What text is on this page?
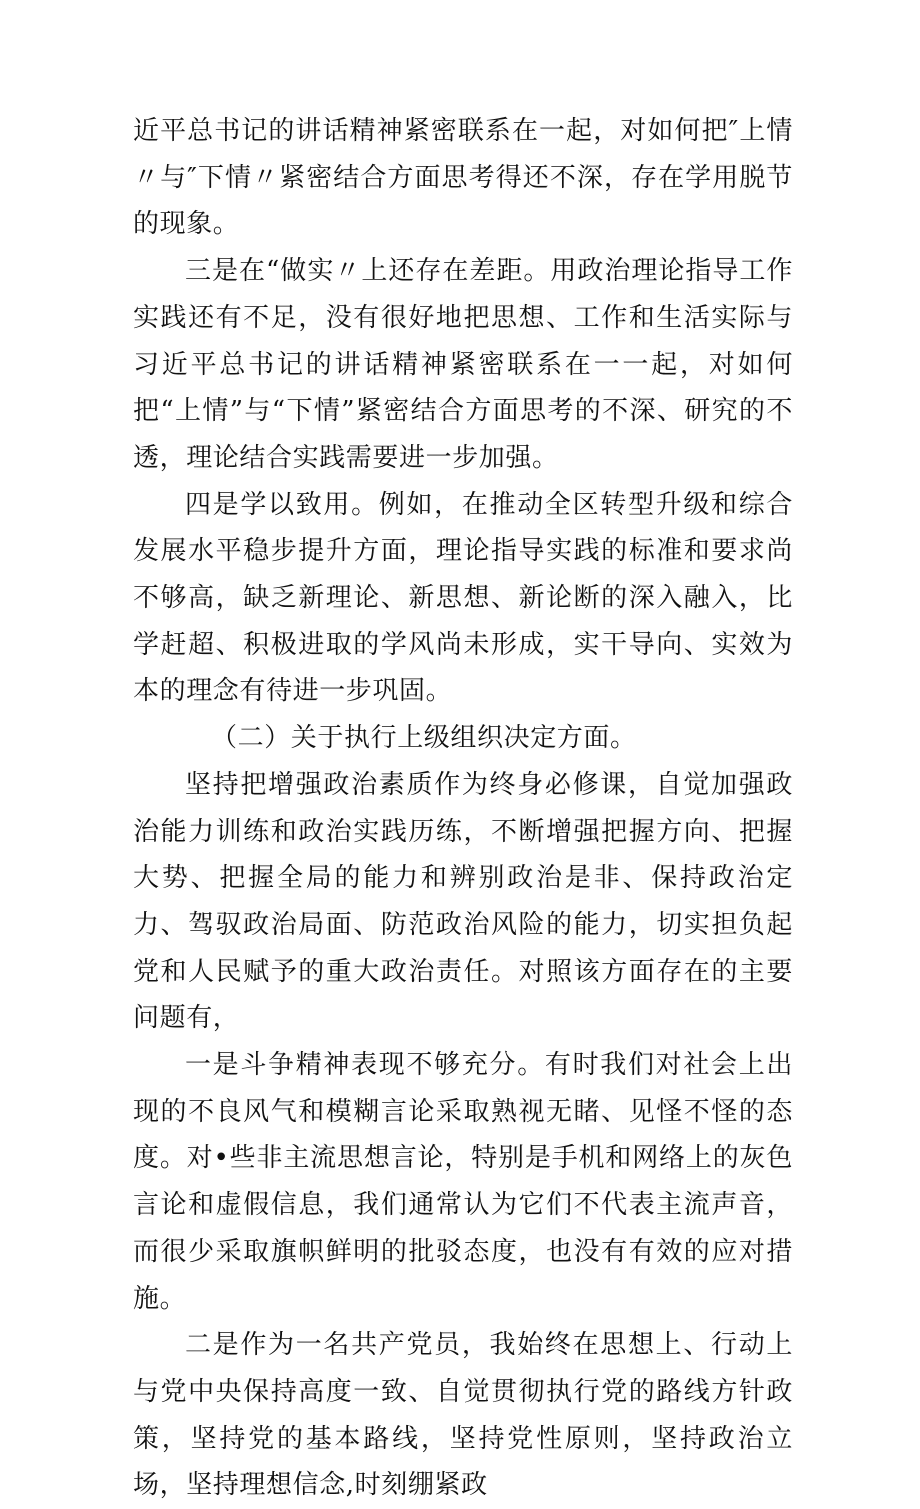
近平总书记的讲话精神紧密联系在一起，对如何把″上情〃与″下情〃紧密结合方面思考得还不深，存在学用脱节的现象。

三是在“做实〃上还存在差距。用政治理论指导工作实践还有不足，没有很好地把思想、工作和生活实际与习近平总书记的讲话精神紧密联系在一一起，对如何把“上情”与“下情”紧密结合方面思考的不深、研究的不透，理论结合实践需要进一步加强。

四是学以致用。例如，在推动全区转型升级和综合发展水平稳步提升方面，理论指导实践的标准和要求尚不够高，缺乏新理论、新思想、新论断的深入融入，比学赶超、积极进取的学风尚未形成，实干导向、实效为本的理念有待进一步巩固。

（二）关于执行上级组织决定方面。

坚持把增强政治素质作为终身必修课，自觉加强政治能力训练和政治实践历练，不断增强把握方向、把握大势、把握全局的能力和辨别政治是非、保持政治定力、驾驭政治局面、防范政治风险的能力，切实担负起党和人民赋予的重大政治责任。对照该方面存在的主要问题有，

一是斗争精神表现不够充分。有时我们对社会上出现的不良风气和模糊言论采取熟视无睹、见怪不怪的态度。对•些非主流思想言论，特别是手机和网络上的灰色言论和虚假信息，我们通常认为它们不代表主流声音，而很少采取旗帜鲜明的批驳态度，也没有有效的应对措施。

二是作为一名共产党员，我始终在思想上、行动上与党中央保持高度一致、自觉贯彻执行党的路线方针政策，坚持党的基本路线，坚持党性原则，坚持政治立场，坚持理想信念,时刻绷紧政
